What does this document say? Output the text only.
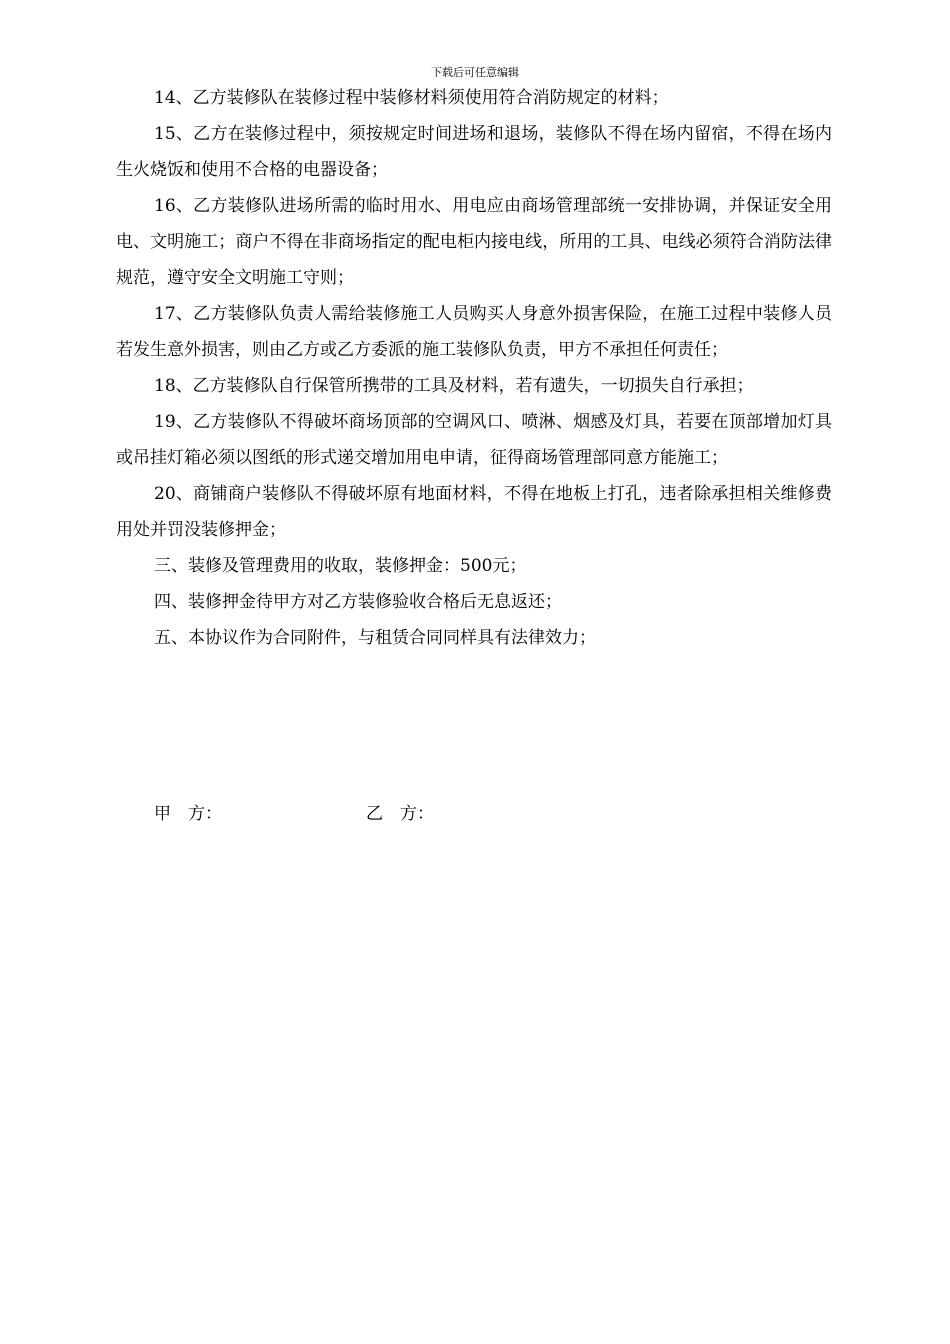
下载后可任意编辑

14、乙方装修队在装修过程中装修材料须使用符合消防规定的材料；

15、乙方在装修过程中，须按规定时间进场和退场，装修队不得在场内留宿，不得在场内生火烧饭和使用不合格的电器设备；

16、乙方装修队进场所需的临时用水、用电应由商场管理部统一安排协调，并保证安全用电、文明施工；商户不得在非商场指定的配电柜内接电线，所用的工具、电线必须符合消防法律规范，遵守安全文明施工守则；

17、乙方装修队负责人需给装修施工人员购买人身意外损害保险，在施工过程中装修人员若发生意外损害，则由乙方或乙方委派的施工装修队负责，甲方不承担任何责任；

18、乙方装修队自行保管所携带的工具及材料，若有遗失，一切损失自行承担；

19、乙方装修队不得破坏商场顶部的空调风口、喷淋、烟感及灯具，若要在顶部增加灯具或吊挂灯箱必须以图纸的形式递交增加用电申请，征得商场管理部同意方能施工；

20、商铺商户装修队不得破坏原有地面材料，不得在地板上打孔，违者除承担相关维修费用处并罚没装修押金；

三、装修及管理费用的收取，装修押金：500元；

四、装修押金待甲方对乙方装修验收合格后无息返还；

五、本协议作为合同附件，与租赁合同同样具有法律效力；

甲　方：	乙　方：
